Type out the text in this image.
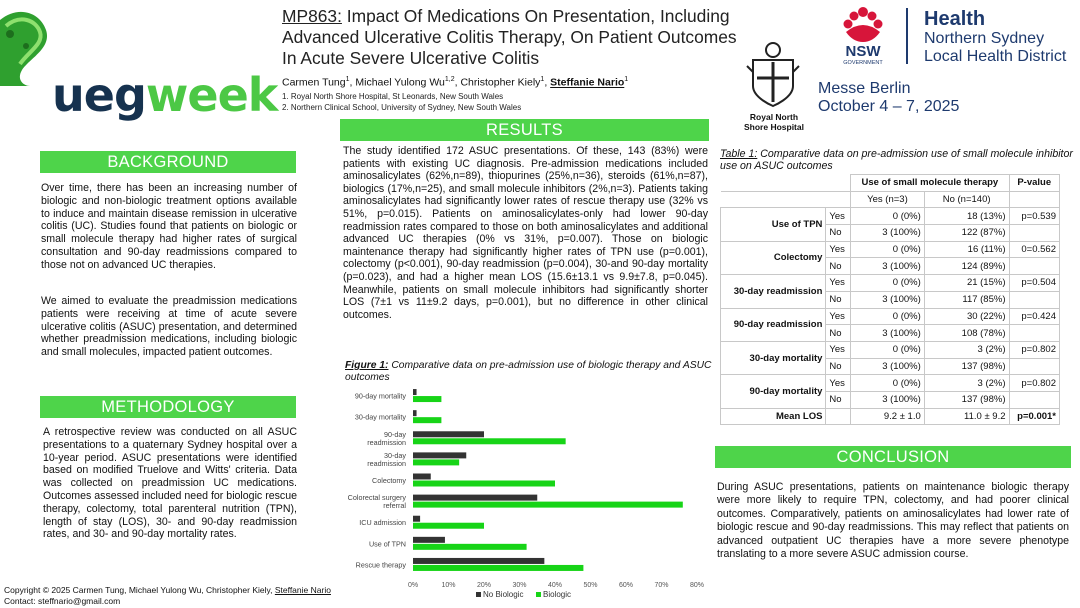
uegweek
MP863: Impact Of Medications On Presentation, Including Advanced Ulcerative Colitis Therapy, On Patient Outcomes In Acute Severe Ulcerative Colitis
Carmen Tung$^1$, Michael Yulong Wu$^{1,2}$, Christopher Kiely$^1$, Steffanie Nario$^1$
1. Royal North Shore Hospital, St Leonards, New South Wales
2. Northern Clinical School, University of Sydney, New South Wales
Royal North
Shore Hospital
NSW
GOVERNMENT
Health
Northern Sydney
Local Health District
Messe Berlin
October 4 – 7, 2025
BACKGROUND
Over time, there has been an increasing number of biologic and non-biologic treatment options available to induce and maintain disease remission in ulcerative colitis (UC). Studies found that patients on biologic or small molecule therapy had higher rates of surgical consultation and 90-day readmissions compared to those not on advanced UC therapies.
We aimed to evaluate the preadmission medications patients were receiving at time of acute severe ulcerative colitis (ASUC) presentation, and determined whether preadmission medications, including biologic and small molecules, impacted patient outcomes.
METHODOLOGY
A retrospective review was conducted on all ASUC presentations to a quaternary Sydney hospital over a 10-year period. ASUC presentations were identified based on modified Truelove and Witts' criteria. Data was collected on preadmission UC medications. Outcomes assessed included need for biologic rescue therapy, colectomy, total parenteral nutrition (TPN), length of stay (LOS), 30- and 90-day readmission rates, and 30- and 90-day mortality rates.
RESULTS
The study identified 172 ASUC presentations. Of these, 143 (83%) were patients with existing UC diagnosis. Pre-admission medications included aminosalicylates (62%,n=89), thiopurines (25%,n=36), steroids (61%,n=87), biologics (17%,n=25), and small molecule inhibitors (2%,n=3). Patients taking aminosalicylates had significantly lower rates of rescue therapy use (32% vs 51%, p=0.015). Patients on aminosalicylates-only had lower 90-day readmission rates compared to those on both aminosalicylates and additional advanced UC therapies (0% vs 31%, p=0.007). Those on biologic maintenance therapy had significantly higher rates of TPN use (p=0.001), colectomy (p<0.001), 90-day readmission (p=0.004), 30-and 90-day mortality (p=0.023), and had a higher mean LOS (15.6±13.1 vs 9.9±7.8, p=0.045). Meanwhile, patients on small molecule inhibitors had significantly shorter LOS (7±1 vs 11±9.2 days, p=0.001), but no difference in other clinical outcomes.
Figure 1: Comparative data on pre-admission use of biologic therapy and ASUC outcomes
90-day mortality
30-day mortality
90-day readmission
30-day readmission
Colectomy
Colorectal surgery referral
ICU admission
Use of TPN
Rescue therapy
0%	10%	20%	30%	40%	50%	60%	70%	80%
No Biologic Biologic
Table 1: Comparative data on pre-admission use of small molecule inhibitor use on ASUC outcomes
		Use of small molecule therapy		P-value
		Yes (n=3)	No (n=140)	
Use of TPN	Yes	0 (0%)	18 (13%)	p=0.539
	No	3 (100%)	122 (87%)	
Colectomy	Yes	0 (0%)	16 (11%)	0=0.562
	No	3 (100%)	124 (89%)	
30-day readmission	Yes	0 (0%)	21 (15%)	p=0.504
	No	3 (100%)	117 (85%)	
90-day readmission	Yes	0 (0%)	30 (22%)	p=0.424
	No	3 (100%)	108 (78%)	
30-day mortality	Yes	0 (0%)	3 (2%)	p=0.802
	No	3 (100%)	137 (98%)	
90-day mortality	Yes	0 (0%)	3 (2%)	p=0.802
	No	3 (100%)	137 (98%)	
Mean LOS		9.2 ± 1.0	11.0 ± 9.2	p=0.001*
CONCLUSION
During ASUC presentations, patients on maintenance biologic therapy were more likely to require TPN, colectomy, and had poorer clinical outcomes. Comparatively, patients on aminosalicylates had lower rate of biologic rescue and 90-day readmissions. This may reflect that patients on advanced outpatient UC therapies have a more severe phenotype translating to a more severe ASUC admission course.
Copyright © 2025 Carmen Tung, Michael Yulong Wu, Christopher Kiely, Steffanie Nario
Contact: steffnario@gmail.com
